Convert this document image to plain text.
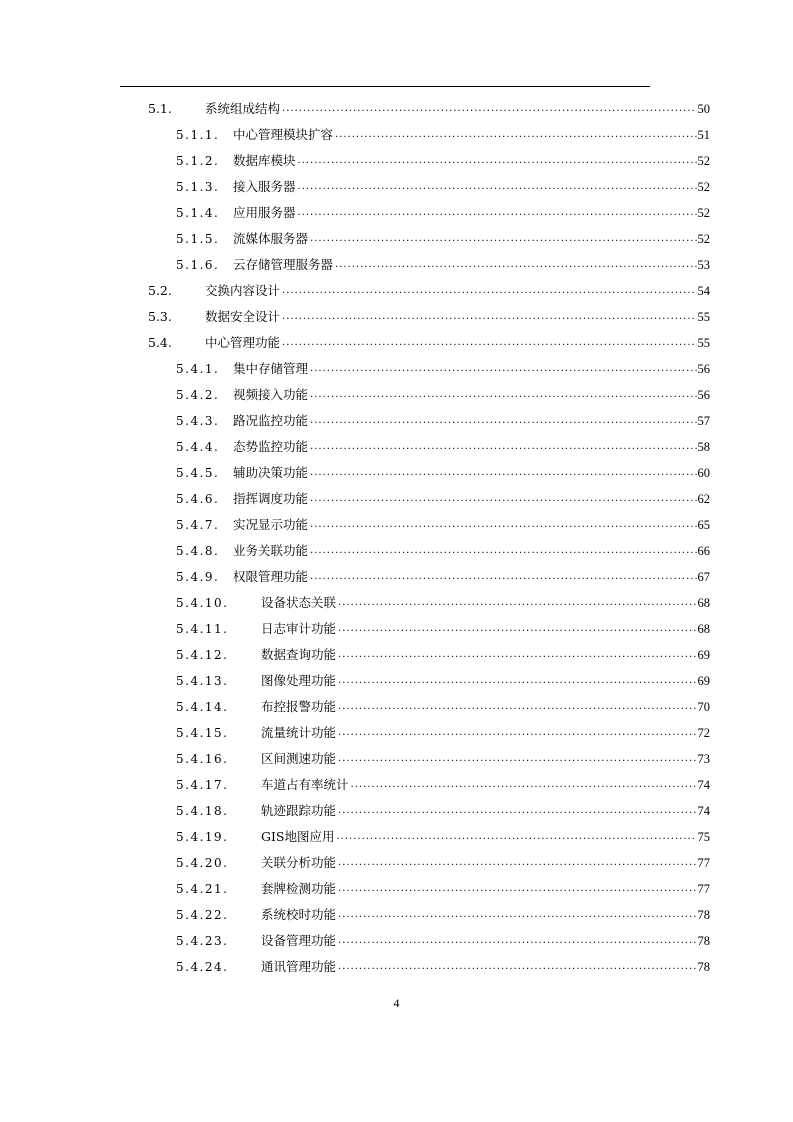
5.1.	系统组成结构 .....	50
5.1.1. 中心管理模块扩容 .....	51
5.1.2. 数据库模块 .....	52
5.1.3. 接入服务器 .....	52
5.1.4. 应用服务器 .....	52
5.1.5. 流媒体服务器 .....	52
5.1.6. 云存储管理服务器 .....	53
5.2.	交换内容设计 .....	54
5.3.	数据安全设计 .....	55
5.4.	中心管理功能 .....	55
5.4.1. 集中存储管理 .....	56
5.4.2. 视频接入功能 .....	56
5.4.3. 路况监控功能 .....	57
5.4.4. 态势监控功能 .....	58
5.4.5. 辅助决策功能 .....	60
5.4.6. 指挥调度功能 .....	62
5.4.7. 实况显示功能 .....	65
5.4.8. 业务关联功能 .....	66
5.4.9. 权限管理功能 .....	67
5.4.10.	设备状态关联 .....	68
5.4.11.	日志审计功能 .....	68
5.4.12.	数据查询功能 .....	69
5.4.13.	图像处理功能 .....	69
5.4.14.	布控报警功能 .....	70
5.4.15.	流量统计功能 .....	72
5.4.16.	区间测速功能 .....	73
5.4.17.	车道占有率统计 .....	74
5.4.18.	轨迹跟踪功能 .....	74
5.4.19.	GIS地图应用 .....	75
5.4.20.	关联分析功能 .....	77
5.4.21.	套牌检测功能 .....	77
5.4.22.	系统校时功能 .....	78
5.4.23.	设备管理功能 .....	78
5.4.24.	通讯管理功能 .....	78
4
